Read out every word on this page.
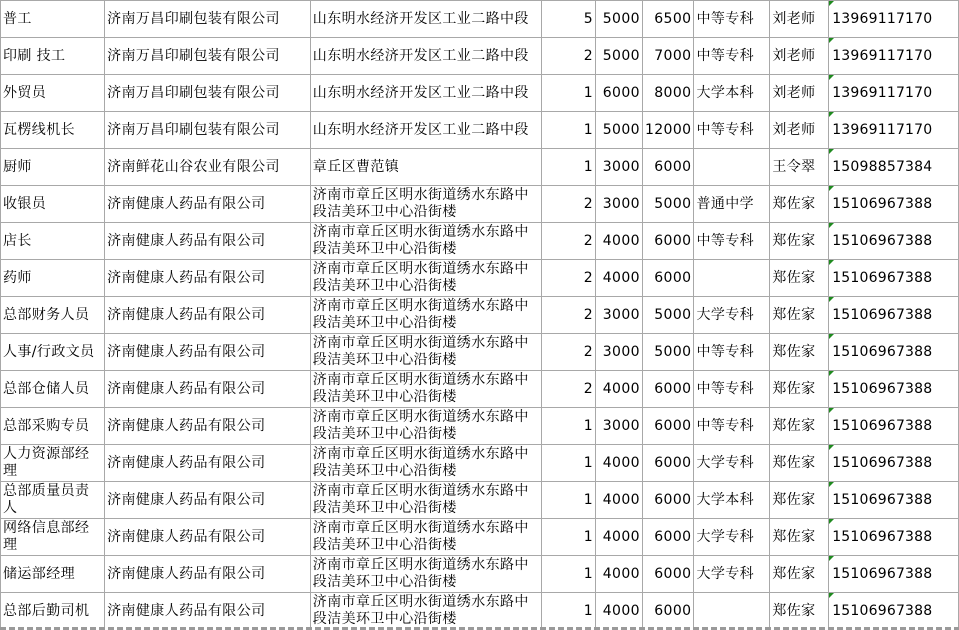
普工	济南万昌印刷包装有限公司	山东明水经济开发区工业二路中段	5	5000	6500	中等专科	刘老师	13969117170
印刷 技工	济南万昌印刷包装有限公司	山东明水经济开发区工业二路中段	2	5000	7000	中等专科	刘老师	13969117170
外贸员	济南万昌印刷包装有限公司	山东明水经济开发区工业二路中段	1	6000	8000	大学本科	刘老师	13969117170
瓦楞线机长	济南万昌印刷包装有限公司	山东明水经济开发区工业二路中段	1	5000	12000	中等专科	刘老师	13969117170
厨师	济南鲜花山谷农业有限公司	章丘区曹范镇	1	3000	6000		王令翠	15098857384
收银员	济南健康人药品有限公司	济南市章丘区明水街道绣水东路中段洁美环卫中心沿街楼	2	3000	5000	普通中学	郑佐家	15106967388
店长	济南健康人药品有限公司	济南市章丘区明水街道绣水东路中段洁美环卫中心沿街楼	2	4000	6000	中等专科	郑佐家	15106967388
药师	济南健康人药品有限公司	济南市章丘区明水街道绣水东路中段洁美环卫中心沿街楼	2	4000	6000		郑佐家	15106967388
总部财务人员	济南健康人药品有限公司	济南市章丘区明水街道绣水东路中段洁美环卫中心沿街楼	2	3000	5000	大学专科	郑佐家	15106967388
人事/行政文员	济南健康人药品有限公司	济南市章丘区明水街道绣水东路中段洁美环卫中心沿街楼	2	3000	5000	中等专科	郑佐家	15106967388
总部仓储人员	济南健康人药品有限公司	济南市章丘区明水街道绣水东路中段洁美环卫中心沿街楼	2	4000	6000	中等专科	郑佐家	15106967388
总部采购专员	济南健康人药品有限公司	济南市章丘区明水街道绣水东路中段洁美环卫中心沿街楼	1	3000	6000	中等专科	郑佐家	15106967388
人力资源部经理	济南健康人药品有限公司	济南市章丘区明水街道绣水东路中段洁美环卫中心沿街楼	1	4000	6000	大学专科	郑佐家	15106967388
总部质量员责人	济南健康人药品有限公司	济南市章丘区明水街道绣水东路中段洁美环卫中心沿街楼	1	4000	6000	大学本科	郑佐家	15106967388
网络信息部经理	济南健康人药品有限公司	济南市章丘区明水街道绣水东路中段洁美环卫中心沿街楼	1	4000	6000	大学专科	郑佐家	15106967388
储运部经理	济南健康人药品有限公司	济南市章丘区明水街道绣水东路中段洁美环卫中心沿街楼	1	4000	6000	大学专科	郑佐家	15106967388
总部后勤司机	济南健康人药品有限公司	济南市章丘区明水街道绣水东路中段洁美环卫中心沿街楼	1	4000	6000		郑佐家	15106967388
